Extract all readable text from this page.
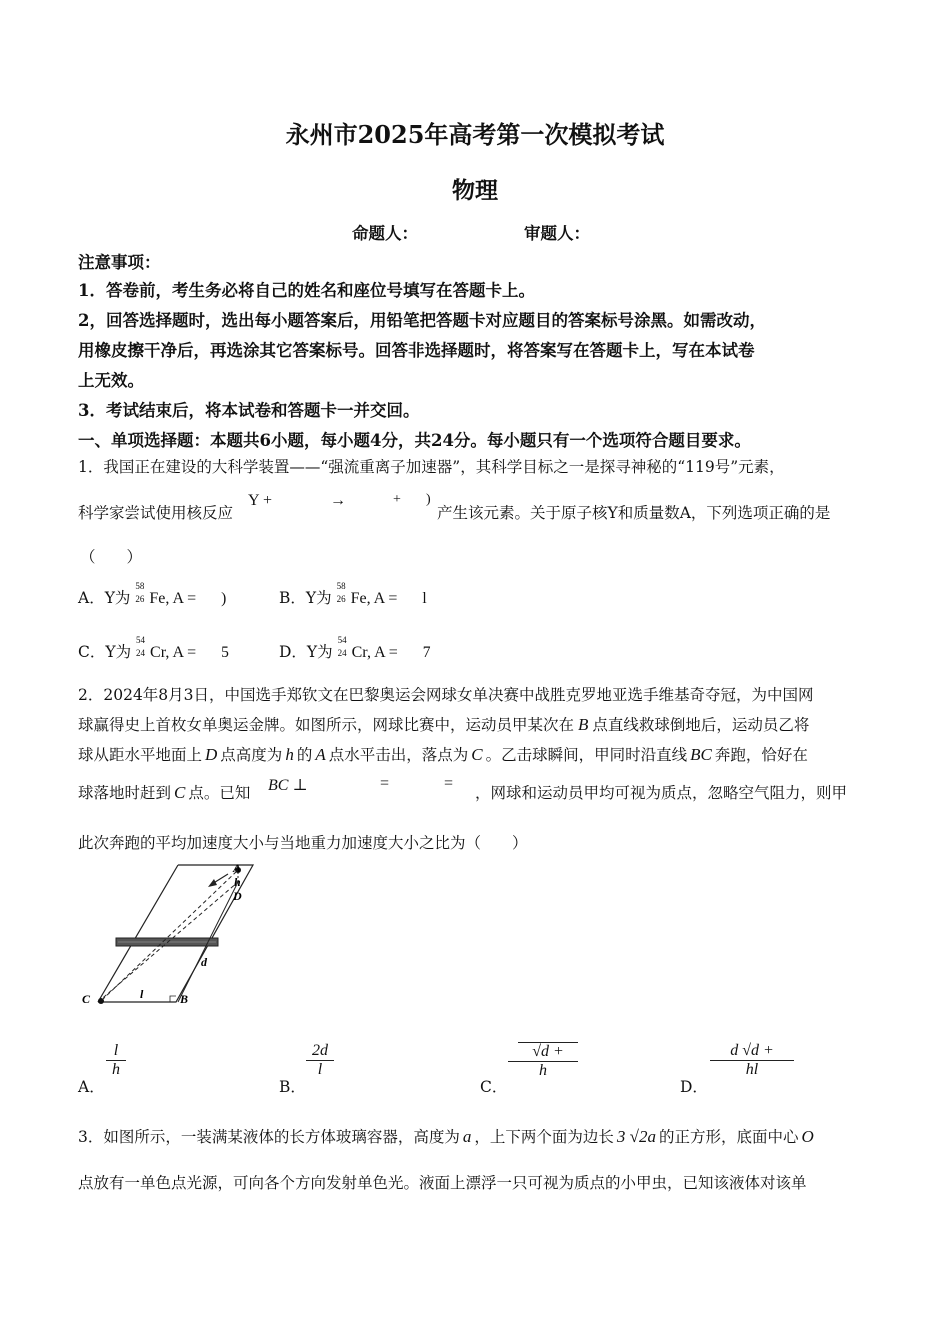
永州市2025年高考第一次模拟考试
物理
命题人：	审题人：
注意事项：
1．答卷前，考生务必将自己的姓名和座位号填写在答题卡上。
2，回答选择题时，选出每小题答案后，用铅笔把答题卡对应题目的答案标号涂黑。如需改动，
用橡皮擦干净后，再选涂其它答案标号。回答非选择题时，将答案写在答题卡上，写在本试卷
上无效。
3．考试结束后，将本试卷和答题卡一并交回。
一、单项选择题：本题共6小题，每小题4分，共24分。每小题只有一个选项符合题目要求。
1．我国正在建设的大科学装置——“强流重离子加速器”，其科学目标之一是探寻神秘的“119号”元素，
科学家尝试使用核反应
Y +	→	+ )
产生该元素。关于原子核Y和质量数A，下列选项正确的是
（　　）
A．Y为
58
26 Fe, A = )	B．Y为
58
26 Fe, A = l
C．Y为
54
24 Cr, A = 5	D．Y为
54
24 Cr, A = 7
2．2024年8月3日，中国选手郑钦文在巴黎奥运会网球女单决赛中战胜克罗地亚选手维基奇夺冠，为中国网
球赢得史上首枚女单奥运金牌。如图所示，网球比赛中，运动员甲某次在 B 点直线救球倒地后，运动员乙将
球从距水平地面上 D 点高度为 h 的 A 点水平击出，落点为 C 。乙击球瞬间，甲同时沿直线 BC 奔跑，恰好在
球落地时赶到 C 点。已知 BC ⊥	=	=
，网球和运动员甲均可视为质点，忽略空气阻力，则甲
此次奔跑的平均加速度大小与当地重力加速度大小之比为（　　）
A
h
D
d
C	l	B
A．
$\frac{l}{h}$
B．
$\frac{2d}{l}$
C．
$\frac{√d +}{h}$
D．
$\frac{d √d +}{hl}$
3．如图所示，一装满某液体的长方体玻璃容器，高度为 a ，上下两个面为边长 3 √2a 的正方形，底面中心 O
点放有一单色点光源，可向各个方向发射单色光。液面上漂浮一只可视为质点的小甲虫，已知该液体对该单
